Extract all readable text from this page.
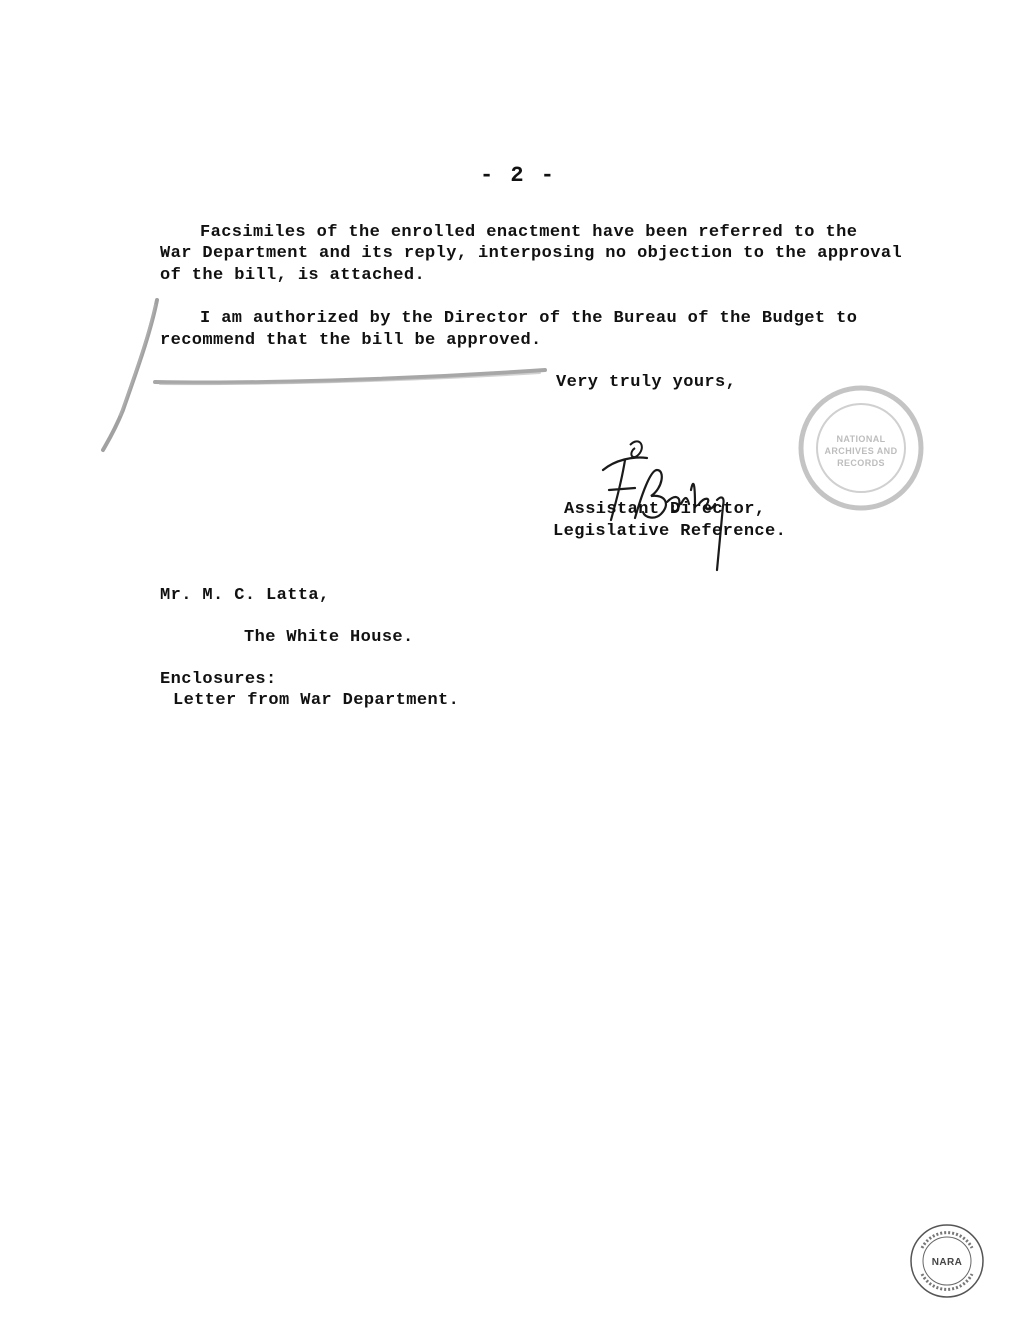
- 2 -
Facsimiles of the enrolled enactment have been referred to the
War Department and its reply, interposing no objection to the approval
of the bill, is attached.
I am authorized by the Director of the Bureau of the Budget to
recommend that the bill be approved.
Very truly yours,
Assistant Director,
Legislative Reference.
NATIONAL
ARCHIVES AND
RECORDS
Mr. M. C. Latta,
The White House.
Enclosures:
Letter from War Department.
NARA
